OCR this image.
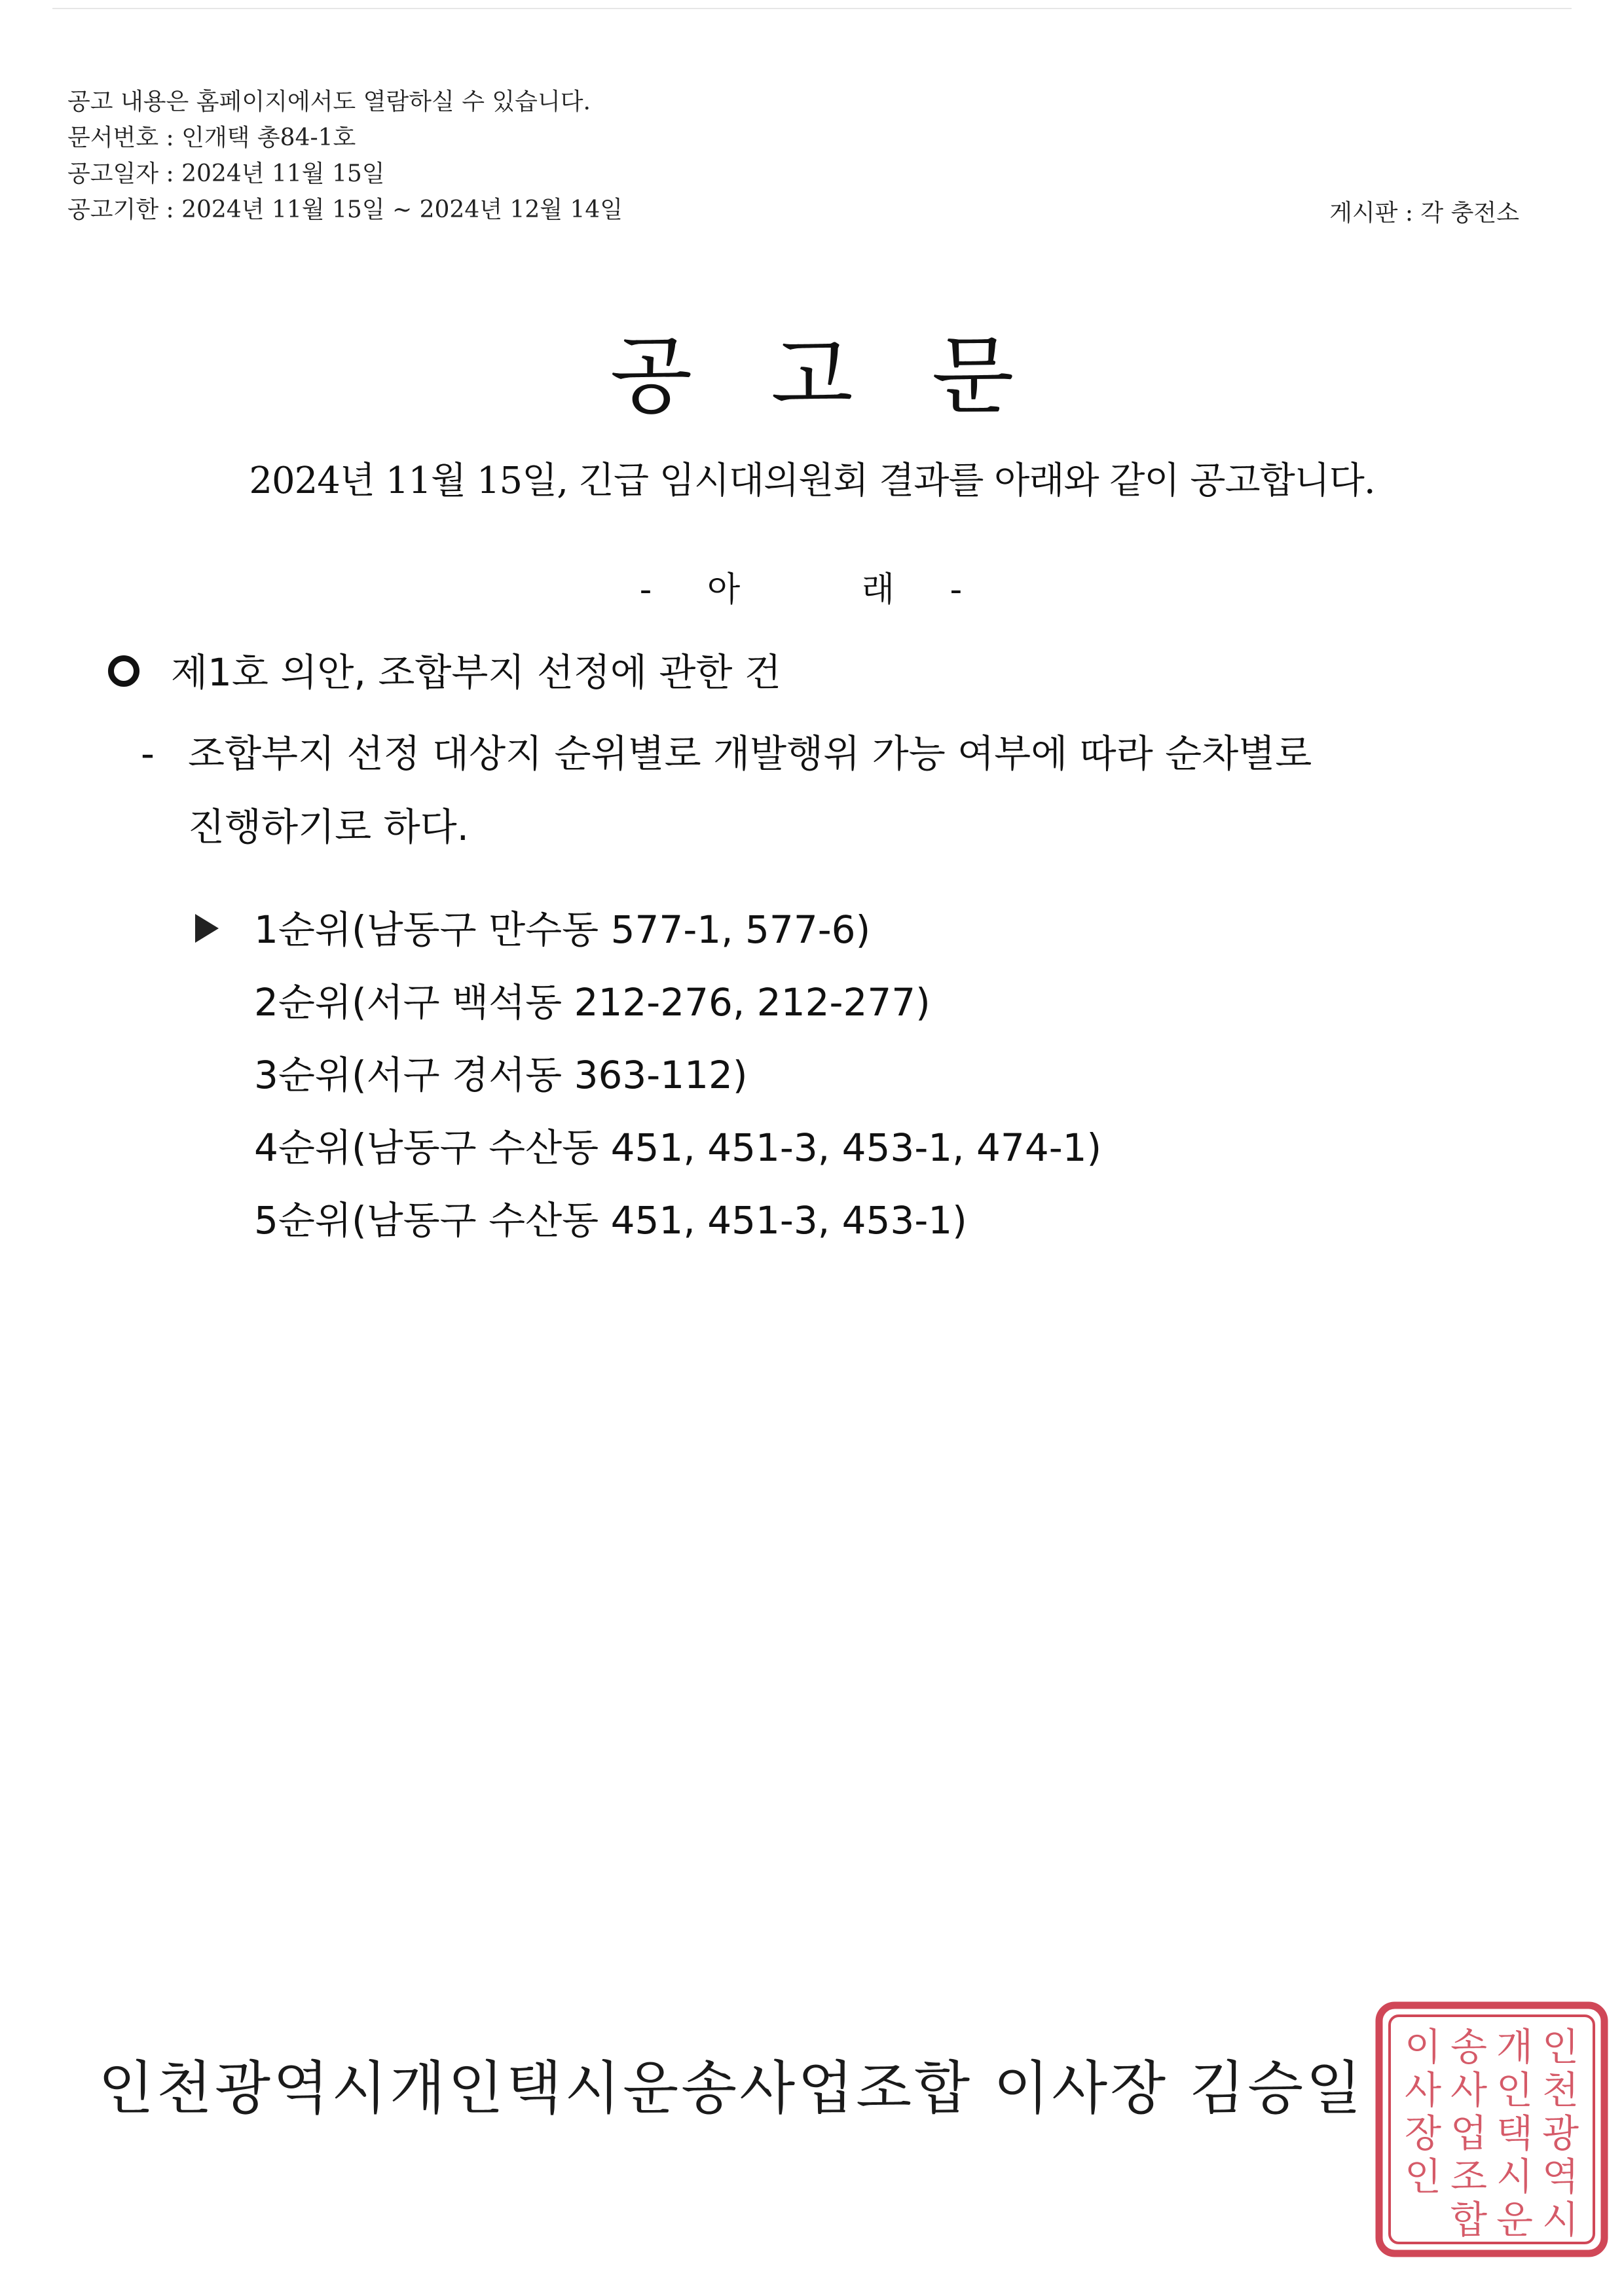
공고 내용은 홈페이지에서도 열람하실 수 있습니다.
문서번호 : 인개택 총84-1호
공고일자 : 2024년 11월 15일
공고기한 : 2024년 11월 15일 ~ 2024년 12월 14일	게시판 : 각 충전소
공고문
2024년 11월 15일, 긴급 임시대의원회 결과를 아래와 같이 공고합니다.
- 아   래 -
제1호 의안, 조합부지 선정에 관한 건
- 조합부지 선정 대상지 순위별로 개발행위 가능 여부에 따라 순차별로
진행하기로 하다.
1순위(남동구 만수동 577-1, 577-6)
2순위(서구 백석동 212-276, 212-277)
3순위(서구 경서동 363-112)
4순위(남동구 수산동 451, 451-3, 453-1, 474-1)
5순위(남동구 수산동 451, 451-3, 453-1)
인천광역시개인택시운송사업조합 이사장 김승일
인
천
광
역
시
개
인
택
시
운
송
사
업
조
합
이
사
장
인
